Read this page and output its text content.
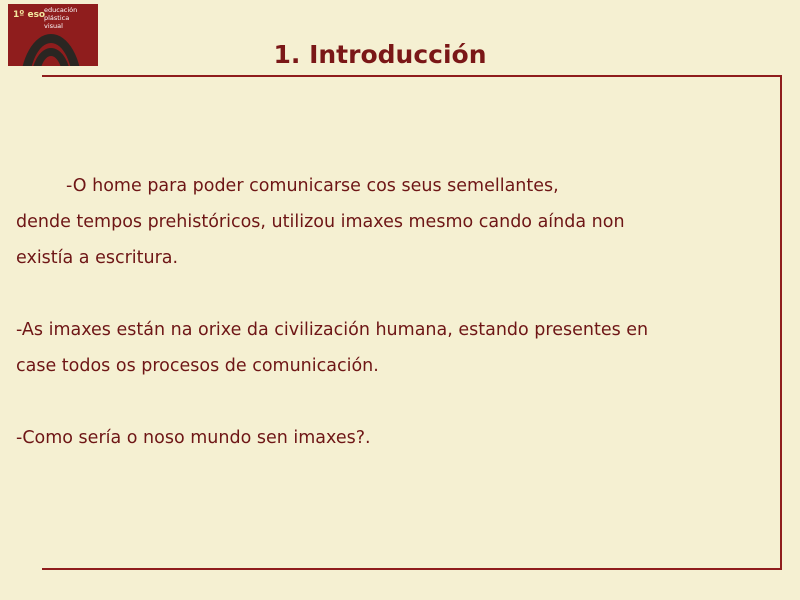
1º eso
educación
plástica
visual
1. Introducción

-O home para poder comunicarse cos seus semellantes,
dende tempos prehistóricos, utilizou imaxes mesmo cando aínda non
existía a escritura.

-As imaxes están na orixe da civilización humana, estando presentes en
case todos os procesos de comunicación.

-Como sería o noso mundo sen imaxes?.
